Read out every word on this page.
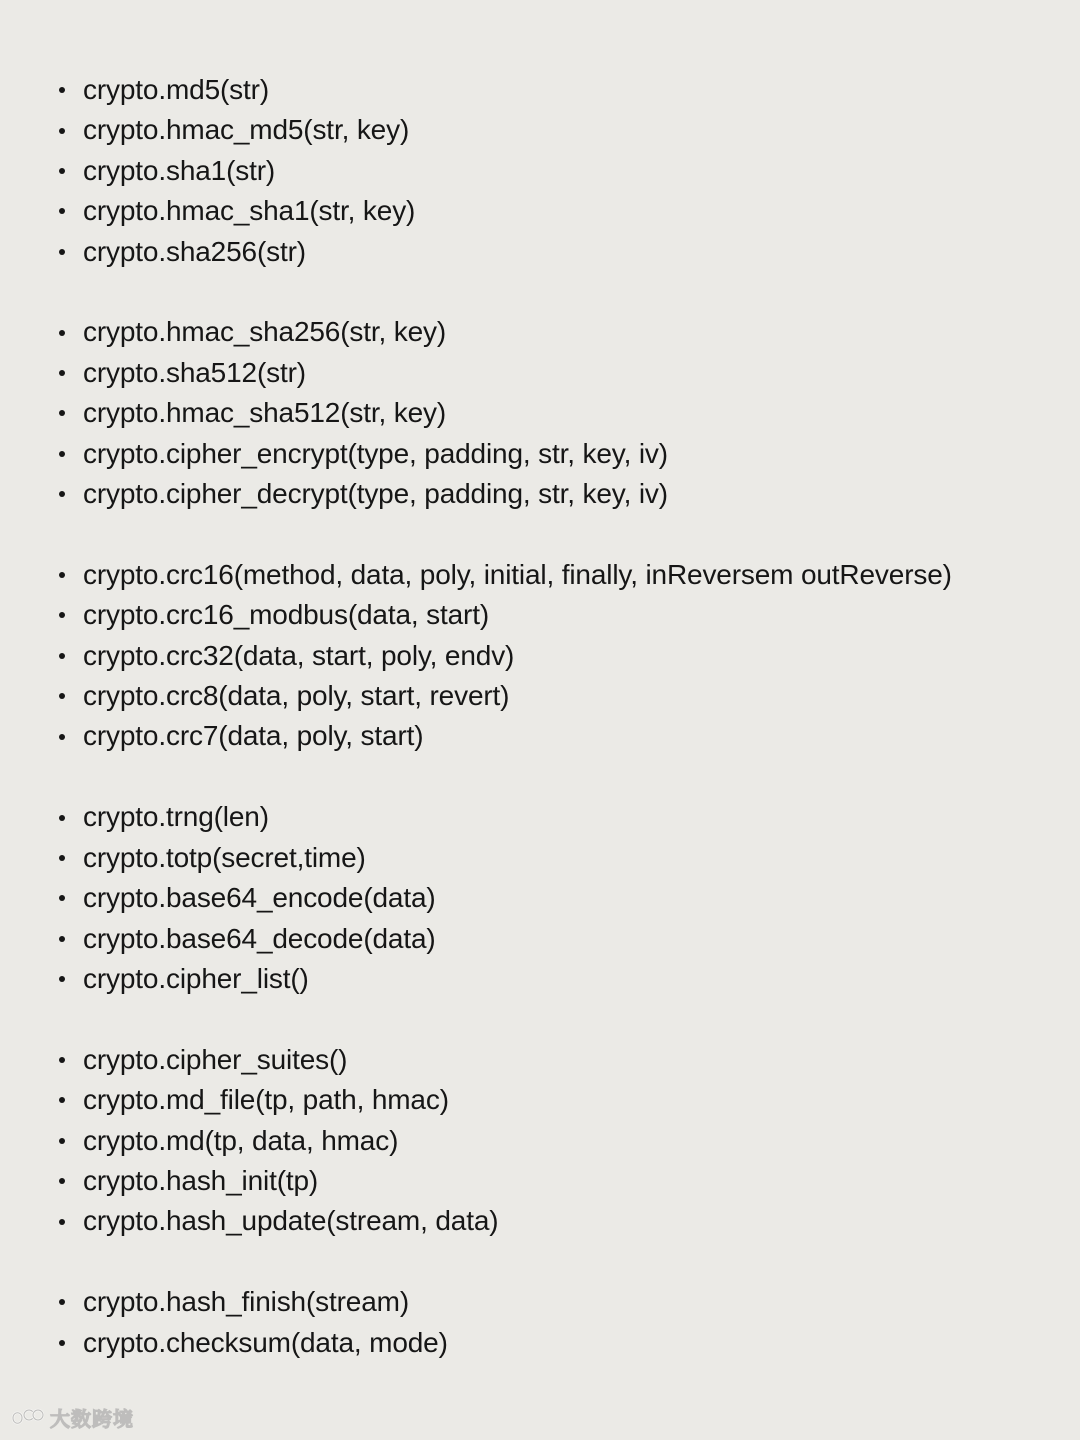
crypto.md5(str)
crypto.hmac_md5(str, key)
crypto.sha1(str)
crypto.hmac_sha1(str, key)
crypto.sha256(str)
crypto.hmac_sha256(str, key)
crypto.sha512(str)
crypto.hmac_sha512(str, key)
crypto.cipher_encrypt(type, padding, str, key, iv)
crypto.cipher_decrypt(type, padding, str, key, iv)
crypto.crc16(method, data, poly, initial, finally, inReversem outReverse)
crypto.crc16_modbus(data, start)
crypto.crc32(data, start, poly, endv)
crypto.crc8(data, poly, start, revert)
crypto.crc7(data, poly, start)
crypto.trng(len)
crypto.totp(secret,time)
crypto.base64_encode(data)
crypto.base64_decode(data)
crypto.cipher_list()
crypto.cipher_suites()
crypto.md_file(tp, path, hmac)
crypto.md(tp, data, hmac)
crypto.hash_init(tp)
crypto.hash_update(stream, data)
crypto.hash_finish(stream)
crypto.checksum(data, mode)
大数跨境
